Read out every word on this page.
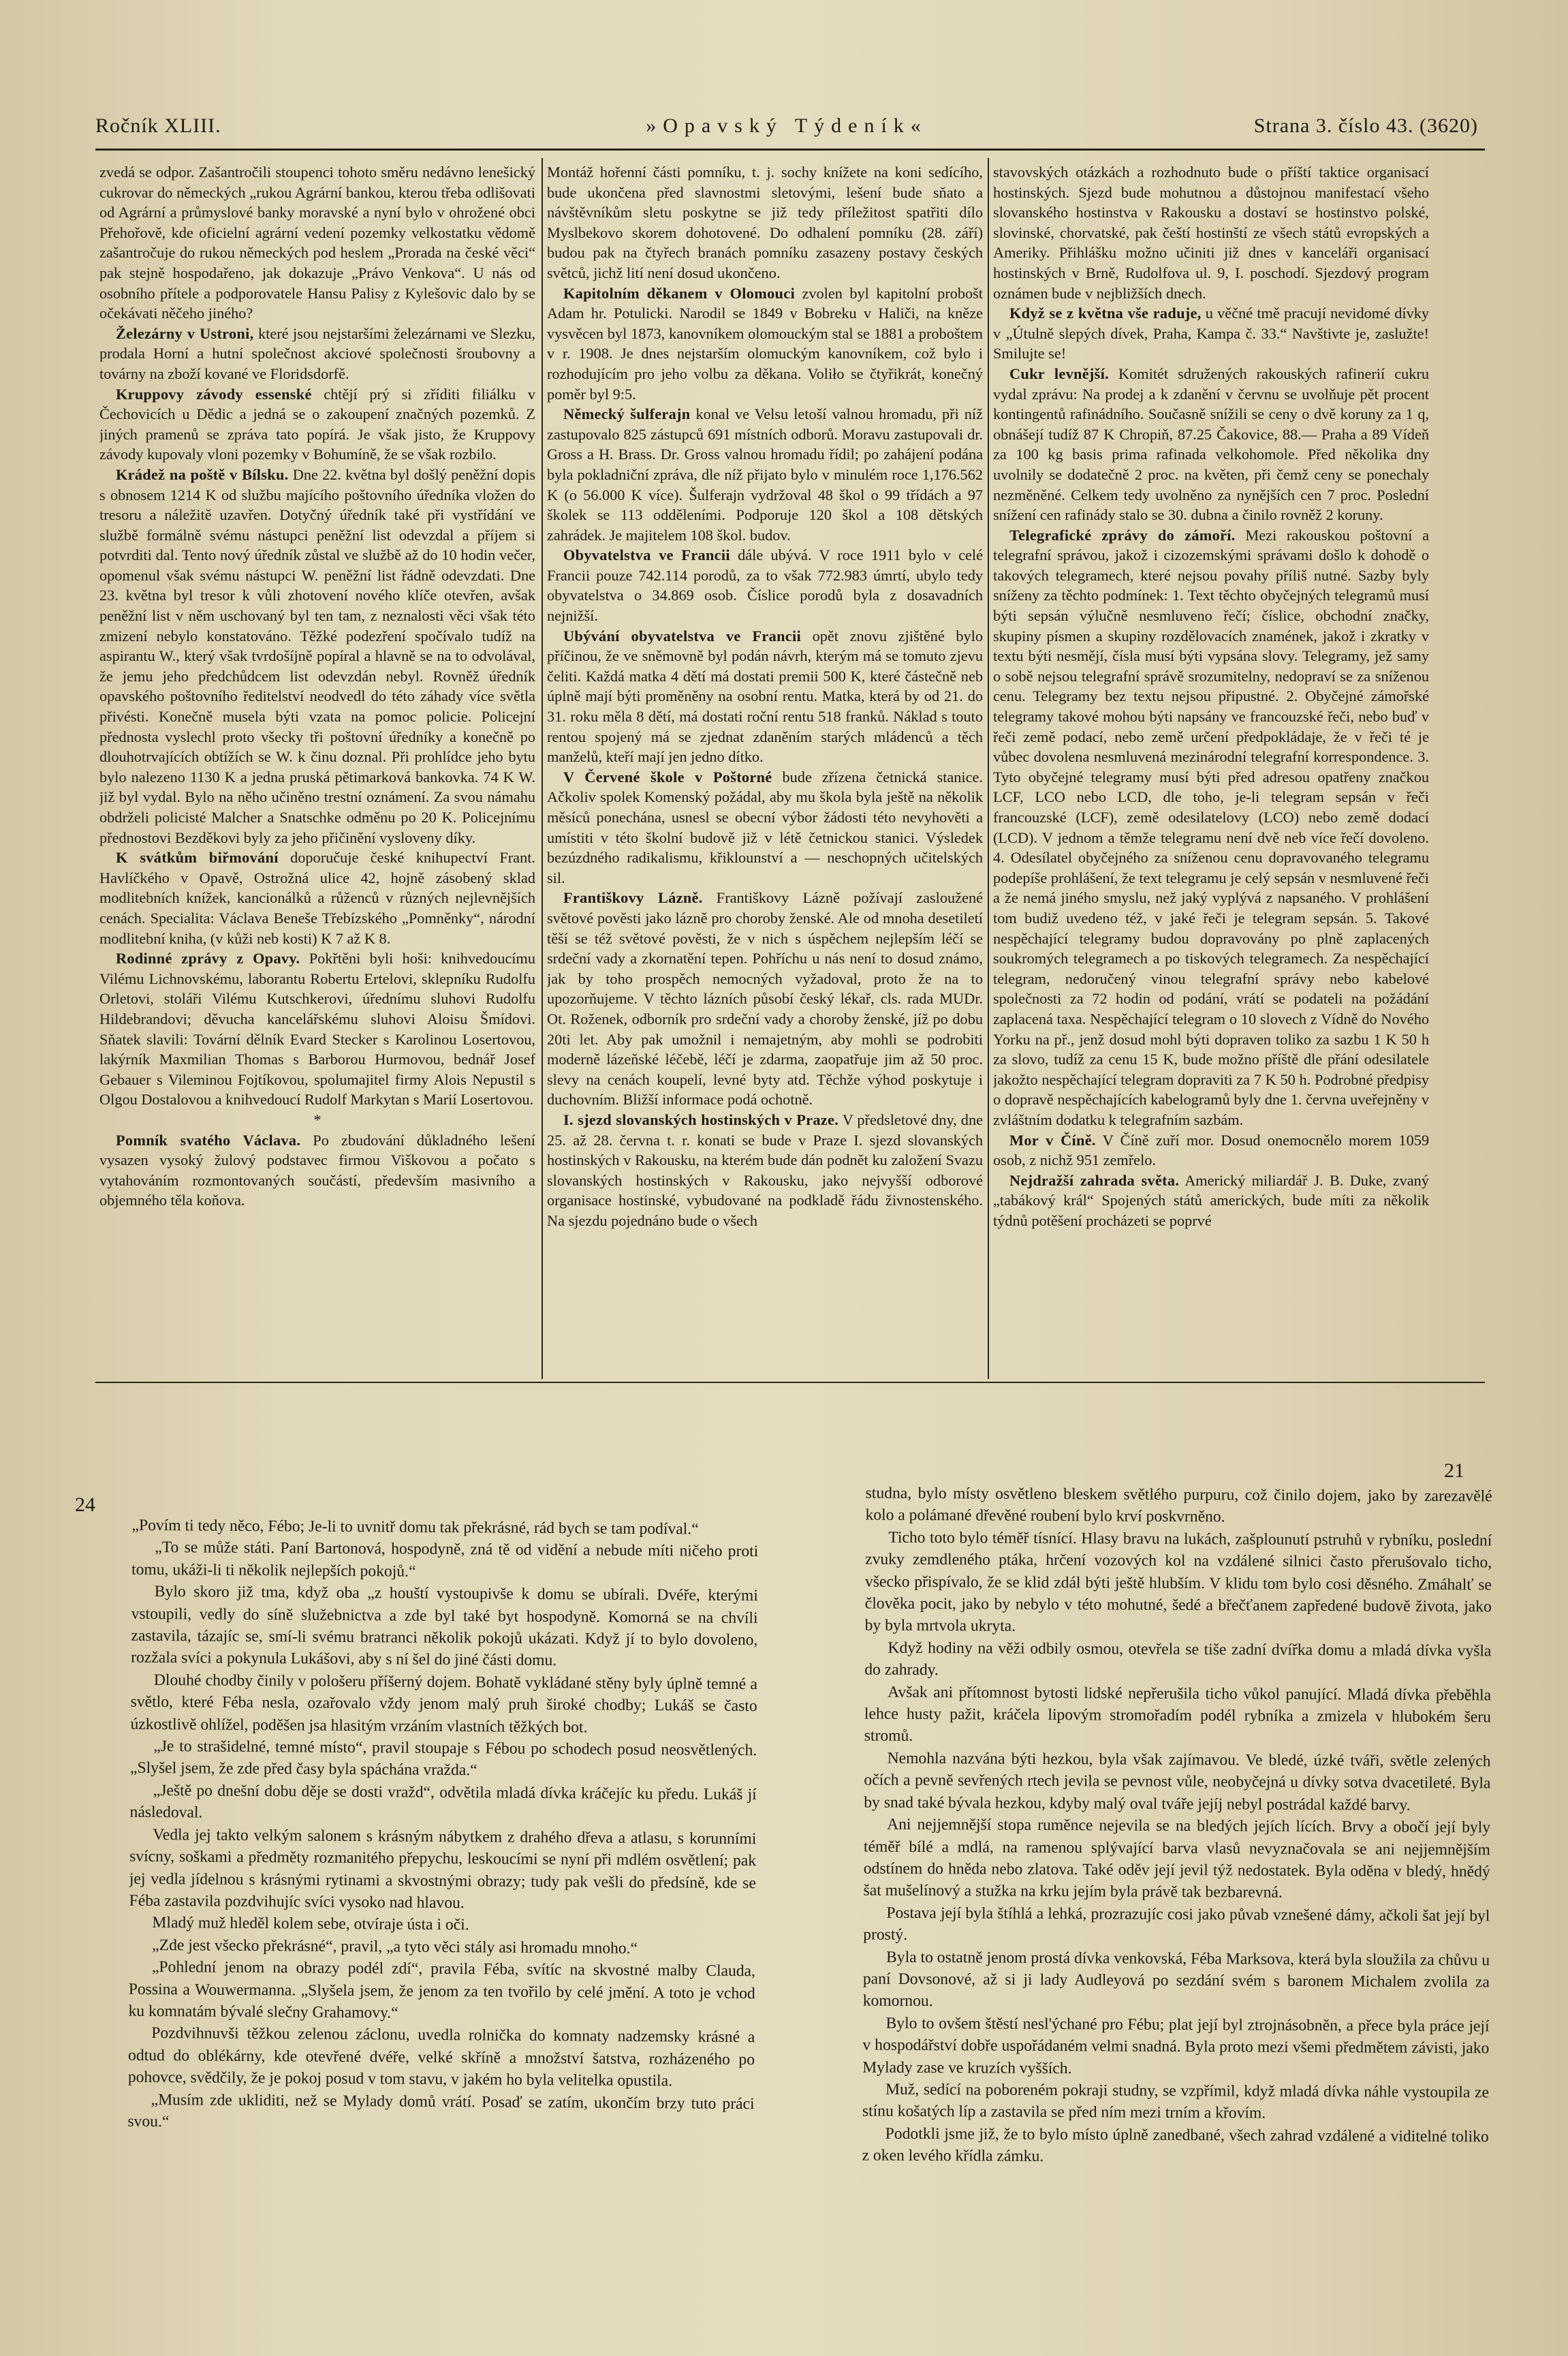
Ročník XLIII.	»Opavský Týdeník«	Strana 3. číslo 43. (3620)

zvedá se odpor. Zašantročili stoupenci tohoto směru nedávno lenešický cukrovar do německých „rukou Agrární bankou, kterou třeba odlišovati od Agrární a průmyslové banky moravské a nyní bylo v ohrožené obci Přehořově, kde oficielní agrární vedení pozemky velkostatku vědomě zašantročuje do rukou německých pod heslem „Prorada na české věci“ pak stejně hospodařeno, jak dokazuje „Právo Venkova“. U nás od osobního přítele a podporovatele Hansu Palisy z Kylešovic dalo by se očekávati něčeho jiného?

Železárny v Ustroni, které jsou nejstaršími železárnami ve Slezku, prodala Horní a hutní společnost akciové společnosti šroubovny a továrny na zboží kované ve Floridsdorfě.

Kruppovy závody essenské chtějí prý si zříditi filiálku v Čechovicích u Dědic a jedná se o zakoupení značných pozemků. Z jiných pramenů se zpráva tato popírá. Je však jisto, že Kruppovy závody kupovaly vloni pozemky v Bohumíně, že se však rozbilo.

Krádež na poště v Bílsku. Dne 22. května byl došlý peněžní dopis s obnosem 1214 K od službu majícího poštovního úředníka vložen do tresoru a náležitě uzavřen. Dotyčný úředník také při vystřídání ve službě formálně svému nástupci peněžní list odevzdal a příjem si potvrditi dal. Tento nový úředník zůstal ve službě až do 10 hodin večer, opomenul však svému nástupci W. peněžní list řádně odevzdati. Dne 23. května byl tresor k vůli zhotovení nového klíče otevřen, avšak peněžní list v něm uschovaný byl ten tam, z neznalosti věci však této zmizení nebylo konstatováno. Těžké podezření spočívalo tudíž na aspirantu W., který však tvrdošíjně popíral a hlavně se na to odvolával, že jemu jeho předchůdcem list odevzdán nebyl. Rovněž úředník opavského poštovního ředitelství neodvedl do této záhady více světla přivésti. Konečně musela býti vzata na pomoc policie. Policejní přednosta vyslechl proto všecky tři poštovní úředníky a konečně po dlouhotrvajících obtížích se W. k činu doznal. Při prohlídce jeho bytu bylo nalezeno 1130 K a jedna pruská pětimarková bankovka. 74 K W. již byl vydal. Bylo na něho učiněno trestní oznámení. Za svou námahu obdrželi policisté Malcher a Snatschke odměnu po 20 K. Policejnímu přednostovi Bezděkovi byly za jeho přičinění vysloveny díky.

K svátkům biřmování doporučuje české knihupectví Frant. Havlíčkého v Opavě, Ostrožná ulice 42, hojně zásobený sklad modlitebních knížek, kancionálků a růženců v různých nejlevnějších cenách. Specialita: Václava Beneše Třebízského „Pomněnky“, národní modlitební kniha, (v kůži neb kosti) K 7 až K 8.

Rodinné zprávy z Opavy. Pokřtěni byli hoši: knihvedoucímu Vilému Lichnovskému, laborantu Robertu Ertelovi, sklepníku Rudolfu Orletovi, stoláři Vilému Kutschkerovi, úřednímu sluhovi Rudolfu Hildebrandovi; děvucha kancelářskému sluhovi Aloisu Šmídovi. Sňatek slavili: Tovární dělník Evard Stecker s Karolinou Losertovou, lakýrník Maxmilian Thomas s Barborou Hurmovou, bednář Josef Gebauer s Vileminou Fojtíkovou, spolumajitel firmy Alois Nepustil s Olgou Dostalovou a knihvedoucí Rudolf Markytan s Marií Losertovou.

*

Pomník svatého Václava. Po zbudování důkladného lešení vysazen vysoký žulový podstavec firmou Viškovou a počato s vytahováním rozmontovaných součástí, především masivního a objemného těla koňova.

Montáž hořenní části pomníku, t. j. sochy knížete na koni sedícího, bude ukončena před slavnostmi sletovými, lešení bude sňato a návštěvníkům sletu poskytne se již tedy příležitost spatřiti dílo Myslbekovo skorem dohotovené. Do odhalení pomníku (28. září) budou pak na čtyřech branách pomníku zasazeny postavy českých světců, jichž lití není dosud ukončeno.

Kapitolním děkanem v Olomouci zvolen byl kapitolní probošt Adam hr. Potulicki. Narodil se 1849 v Bobreku v Haliči, na kněze vysvěcen byl 1873, kanovníkem olomouckým stal se 1881 a proboštem v r. 1908. Je dnes nejstarším olomuckým kanovníkem, což bylo i rozhodujícím pro jeho volbu za děkana. Voliło se čtyřikrát, konečný poměr byl 9:5.

Německý šulferajn konal ve Velsu letoší valnou hromadu, při níž zastupovalo 825 zástupců 691 místních odborů. Moravu zastupovali dr. Gross a H. Brass. Dr. Gross valnou hromadu řídil; po zahájení podána byla pokladniční zpráva, dle níž přijato bylo v minulém roce 1,176.562 K (o 56.000 K více). Šulferajn vydržoval 48 škol o 99 třídách a 97 školek se 113 odděleními. Podporuje 120 škol a 108 dětských zahrádek. Je majitelem 108 škol. budov.

Obyvatelstva ve Francii dále ubývá. V roce 1911 bylo v celé Francii pouze 742.114 porodů, za to však 772.983 úmrtí, ubylo tedy obyvatelstva o 34.869 osob. Číslice porodů byla z dosavadních nejnižší.

Ubývání obyvatelstva ve Francii opět znovu zjištěné bylo příčinou, že ve sněmovně byl podán návrh, kterým má se tomuto zjevu čeliti. Každá matka 4 dětí má dostati premii 500 K, které částečně neb úplně mají býti proměněny na osobní rentu. Matka, která by od 21. do 31. roku měla 8 dětí, má dostati roční rentu 518 franků. Náklad s touto rentou spojený má se zjednat zdaněním starých mládenců a těch manželů, kteří mají jen jedno dítko.

V Červené škole v Poštorné bude zřízena četnická stanice. Ačkoliv spolek Komenský požádal, aby mu škola byla ještě na několik měsíců ponechána, usnesl se obecní výbor žádosti této nevyhověti a umístiti v této školní budově již v létě četnickou stanici. Výsledek bezúzdného radikalismu, křiklounství a — neschopných učitelských sil.

Františkovy Lázně. Františkovy Lázně požívají zasloužené světové pověsti jako lázně pro choroby ženské. Ale od mnoha desetiletí těší se též světové pověsti, že v nich s úspěchem nejlepším léčí se srdeční vady a zkornatění tepen. Pohříchu u nás není to dosud známo, jak by toho prospěch nemocných vyžadoval, proto že na to upozorňujeme. V těchto lázních působí český lékař, cls. rada MUDr. Ot. Roženek, odborník pro srdeční vady a choroby ženské, jíž po dobu 20ti let. Aby pak umožnil i nemajetným, aby mohli se podrobiti moderně lázeňské léčebě, léčí je zdarma, zaopatřuje jim až 50 proc. slevy na cenách koupelí, levné byty atd. Těchže výhod poskytuje i duchovním. Bližší informace podá ochotně.

I. sjezd slovanských hostinských v Praze. V předsletové dny, dne 25. až 28. června t. r. konati se bude v Praze I. sjezd slovanských hostinských v Rakousku, na kterém bude dán podnět ku založení Svazu slovanských hostinských v Rakousku, jako nejvyšší odborové organisace hostinské, vybudované na podkladě řádu živnostenského. Na sjezdu pojednáno bude o všech

stavovských otázkách a rozhodnuto bude o příští taktice organisací hostinských. Sjezd bude mohutnou a důstojnou manifestací všeho slovanského hostinstva v Rakousku a dostaví se hostinstvo polské, slovinské, chorvatské, pak čeští hostinští ze všech států evropských a Ameriky. Přihlášku možno učiniti již dnes v kanceláři organisací hostinských v Brně, Rudolfova ul. 9, I. poschodí. Sjezdový program oznámen bude v nejbližších dnech.

Když se z května vše raduje, u věčné tmě pracují nevidomé dívky v „Útulně slepých dívek, Praha, Kampa č. 33.“ Navštivte je, zaslužte! Smilujte se!

Cukr levnější. Komitét sdružených rakouských rafinerií cukru vydal zprávu: Na prodej a k zdanění v červnu se uvolňuje pět procent kontingentů rafinádního. Současně snížili se ceny o dvě koruny za 1 q, obnášejí tudíž 87 K Chropiň, 87.25 Čakovice, 88.— Praha a 89 Vídeň za 100 kg basis prima rafinada velkohomole. Před několika dny uvolnily se dodatečně 2 proc. na květen, při čemž ceny se ponechaly nezměněné. Celkem tedy uvolněno za nynějších cen 7 proc. Poslední snížení cen rafinády stalo se 30. dubna a činilo rovněž 2 koruny.

Telegrafické zprávy do zámoří. Mezi rakouskou poštovní a telegrafní správou, jakož i cizozemskými správami došlo k dohodě o takových telegramech, které nejsou povahy příliš nutné. Sazby byly sníženy za těchto podmínek: 1. Text těchto obyčejných telegramů musí býti sepsán výlučně nesmluveno řečí; číslice, obchodní značky, skupiny písmen a skupiny rozdělovacích znamének, jakož i zkratky v textu býti nesmějí, čísla musí býti vypsána slovy. Telegramy, jež samy o sobě nejsou telegrafní správě srozumitelny, nedopraví se za sníženou cenu. Telegramy bez textu nejsou připustné. 2. Obyčejné zámořské telegramy takové mohou býti napsány ve francouzské řeči, nebo buď v řeči země podací, nebo země určení předpokládaje, že v řeči té je vůbec dovolena nesmluvená mezinárodní telegrafní korrespondence. 3. Tyto obyčejné telegramy musí býti před adresou opatřeny značkou LCF, LCO nebo LCD, dle toho, je-li telegram sepsán v řeči francouzské (LCF), země odesilatelovy (LCO) nebo země dodací (LCD). V jednom a těmže telegramu není dvě neb více řečí dovoleno. 4. Odesílatel obyčejného za sníženou cenu dopravovaného telegramu podepíše prohlášení, že text telegramu je celý sepsán v nesmluvené řeči a že nemá jiného smyslu, než jaký vyplývá z napsaného. V prohlášení tom budiž uvedeno též, v jaké řeči je telegram sepsán. 5. Takové nespěchající telegramy budou dopravovány po plně zaplacených soukromých telegramech a po tiskových telegramech. Za nespěchající telegram, nedoručený vinou telegrafní správy nebo kabelové společnosti za 72 hodin od podání, vrátí se podateli na požádání zaplacená taxa. Nespěchající telegram o 10 slovech z Vídně do Nového Yorku na př., jenž dosud mohl býti dopraven toliko za sazbu 1 K 50 h za slovo, tudíž za cenu 15 K, bude možno příště dle přání odesilatele jakožto nespěchající telegram dopraviti za 7 K 50 h. Podrobné předpisy o dopravě nespěchajících kabelogramů byly dne 1. června uveřejněny v zvláštním dodatku k telegrafním sazbám.

Mor v Číně. V Číně zuří mor. Dosud onemocnělo morem 1059 osob, z nichž 951 zemřelo.

Nejdražší zahrada světa. Americký miliardář J. B. Duke, zvaný „tabákový král“ Spojených států amerických, bude míti za několik týdnů potěšení procházeti se poprvé

24
21

„Povím ti tedy něco, Fébo; Je-li to uvnitř domu tak překrásné, rád bych se tam podíval.“

„To se může státi. Paní Bartonová, hospodyně, zná tě od vidění a nebude míti ničeho proti tomu, ukáži-li ti několik nejlepších pokojů.“

Bylo skoro již tma, když oba „z houští vystoupivše k domu se ubírali. Dvéře, kterými vstoupili, vedly do síně služebnictva a zde byl také byt hospodyně. Komorná se na chvíli zastavila, tázajíc se, smí-li svému bratranci několik pokojů ukázati. Když jí to bylo dovoleno, rozžala svíci a pokynula Lukášovi, aby s ní šel do jiné části domu.

Dlouhé chodby činily v pološeru příšerný dojem. Bohatě vykládané stěny byly úplně temné a světlo, které Féba nesla, ozařovalo vždy jenom malý pruh široké chodby; Lukáš se často úzkostlivě ohlížel, poděšen jsa hlasitým vrzáním vlastních těžkých bot.

„Je to strašidelné, temné místo“, pravil stoupaje s Fébou po schodech posud neosvětlených. „Slyšel jsem, že zde před časy byla spáchána vražda.“

„Ještě po dnešní dobu děje se dosti vražd“, odvětila mladá dívka kráčejíc ku předu. Lukáš jí následoval.

Vedla jej takto velkým salonem s krásným nábytkem z drahého dřeva a atlasu, s korunními svícny, soškami a předměty rozmanitého přepychu, leskoucími se nyní při mdlém osvětlení; pak jej vedla jídelnou s krásnými rytinami a skvostnými obrazy; tudy pak vešli do předsíně, kde se Féba zastavila pozdvihujíc svíci vysoko nad hlavou.

Mladý muž hleděl kolem sebe, otvíraje ústa i oči.

„Zde jest všecko překrásné“, pravil, „a tyto věci stály asi hromadu mnoho.“

„Pohlední jenom na obrazy podél zdí“, pravila Féba, svítíc na skvostné malby Clauda, Possina a Wouwermanna. „Slyšela jsem, že jenom za ten tvořilo by celé jmění. A toto je vchod ku komnatám bývalé slečny Grahamovy.“

Pozdvihnuvši těžkou zelenou záclonu, uvedla rolnička do komnaty nadzemsky krásné a odtud do oblékárny, kde otevřené dvéře, velké skříně a množství šatstva, rozházeného po pohovce, svědčily, že je pokoj posud v tom stavu, v jakém ho byla velitelka opustila.

„Musím zde ukliditi, než se Mylady domů vrátí. Posaď se zatím, ukončím brzy tuto práci svou.“

studna, bylo místy osvětleno bleskem světlého purpuru, což činilo dojem, jako by zarezavělé kolo a polámané dřevěné roubení bylo krví poskvrněno.

Ticho toto bylo téměř tísnící. Hlasy bravu na lukách, zašplounutí pstruhů v rybníku, poslední zvuky zemdleného ptáka, hrčení vozových kol na vzdálené silnici často přerušovalo ticho, všecko přispívalo, že se klid zdál býti ještě hlubším. V klidu tom bylo cosi děsného. Zmáhalť se člověka pocit, jako by nebylo v této mohutné, šedé a břečťanem zapředené budově života, jako by byla mrtvola ukryta.

Když hodiny na věži odbily osmou, otevřela se tiše zadní dvířka domu a mladá dívka vyšla do zahrady.

Avšak ani přítomnost bytosti lidské nepřerušila ticho vůkol panující. Mladá dívka přeběhla lehce husty pažit, kráčela lipovým stromořadím podél rybníka a zmizela v hlubokém šeru stromů.

Nemohla nazvána býti hezkou, byla však zajímavou. Ve bledé, úzké tváři, světle zelených očích a pevně sevřených rtech jevila se pevnost vůle, neobyčejná u dívky sotva dvacetileté. Byla by snad také bývala hezkou, kdyby malý oval tváře jejíj nebyl postrádal každé barvy.

Ani nejjemnější stopa ruměnce nejevila se na bledých jejích lících. Brvy a obočí její byly téměř bílé a mdlá, na ramenou splývající barva vlasů nevyznačovala se ani nejjemnějším odstínem do hněda nebo zlatova. Také oděv její jevil týž nedostatek. Byla oděna v bledý, hnědý šat mušelínový a stužka na krku jejím byla právě tak bezbarevná.

Postava její byla štíhlá a lehká, prozrazujíc cosi jako půvab vznešené dámy, ačkoli šat její byl prostý.

Byla to ostatně jenom prostá dívka venkovská, Féba Marksova, která byla sloužila za chůvu u paní Dovsonové, až si ji lady Audleyová po sezdání svém s baronem Michalem zvolila za komornou.

Bylo to ovšem štěstí nesl'ýchané pro Fébu; plat její byl ztrojnásobněn, a přece byla práce její v hospodářství dobře uspořádaném velmi snadná. Byla proto mezi všemi předmětem závisti, jako Mylady zase ve kruzích vyšších.

Muž, sedící na poboreném pokraji studny, se vzpřímil, když mladá dívka náhle vystoupila ze stínu košatých líp a zastavila se před ním mezi trním a křovím.

Podotkli jsme již, že to bylo místo úplně zanedbané, všech zahrad vzdálené a viditelné toliko z oken levého křídla zámku.
